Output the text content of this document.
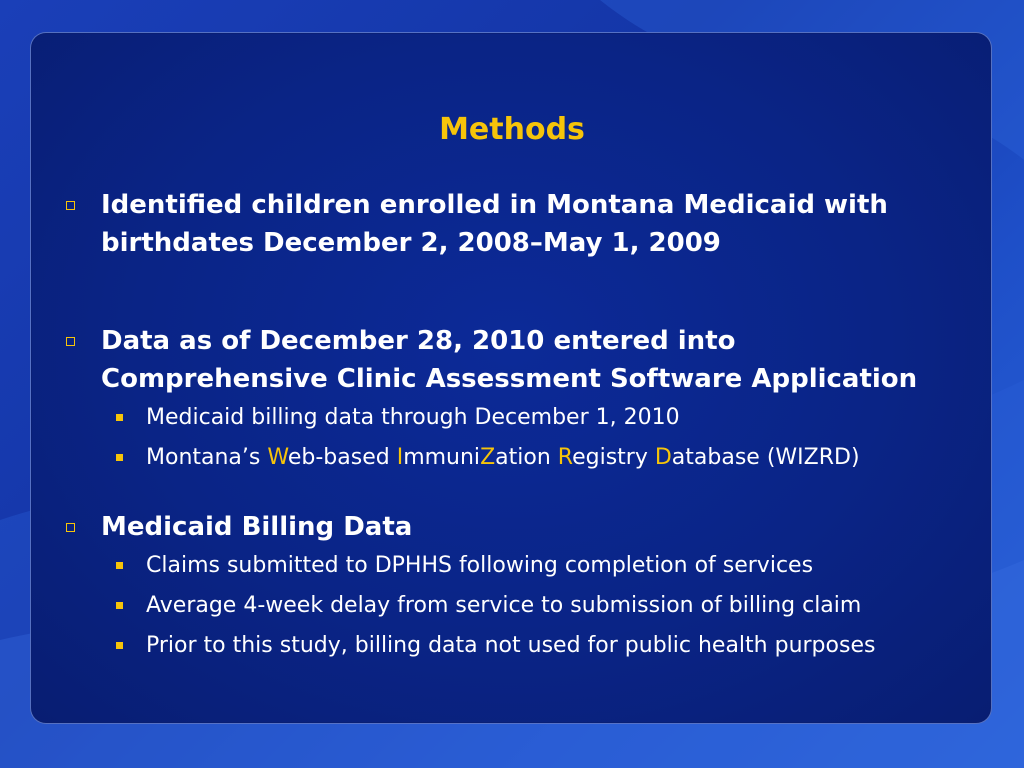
Methods
Identified children enrolled in Montana Medicaid with
birthdates December 2, 2008–May 1, 2009
Data as of December 28, 2010 entered into
Comprehensive Clinic Assessment Software Application
Medicaid billing data through December 1, 2010
Montana’s Web-based ImmuniZation Registry Database (WIZRD)
Medicaid Billing Data
Claims submitted to DPHHS following completion of services
Average 4-week delay from service to submission of billing claim
Prior to this study, billing data not used for public health purposes
